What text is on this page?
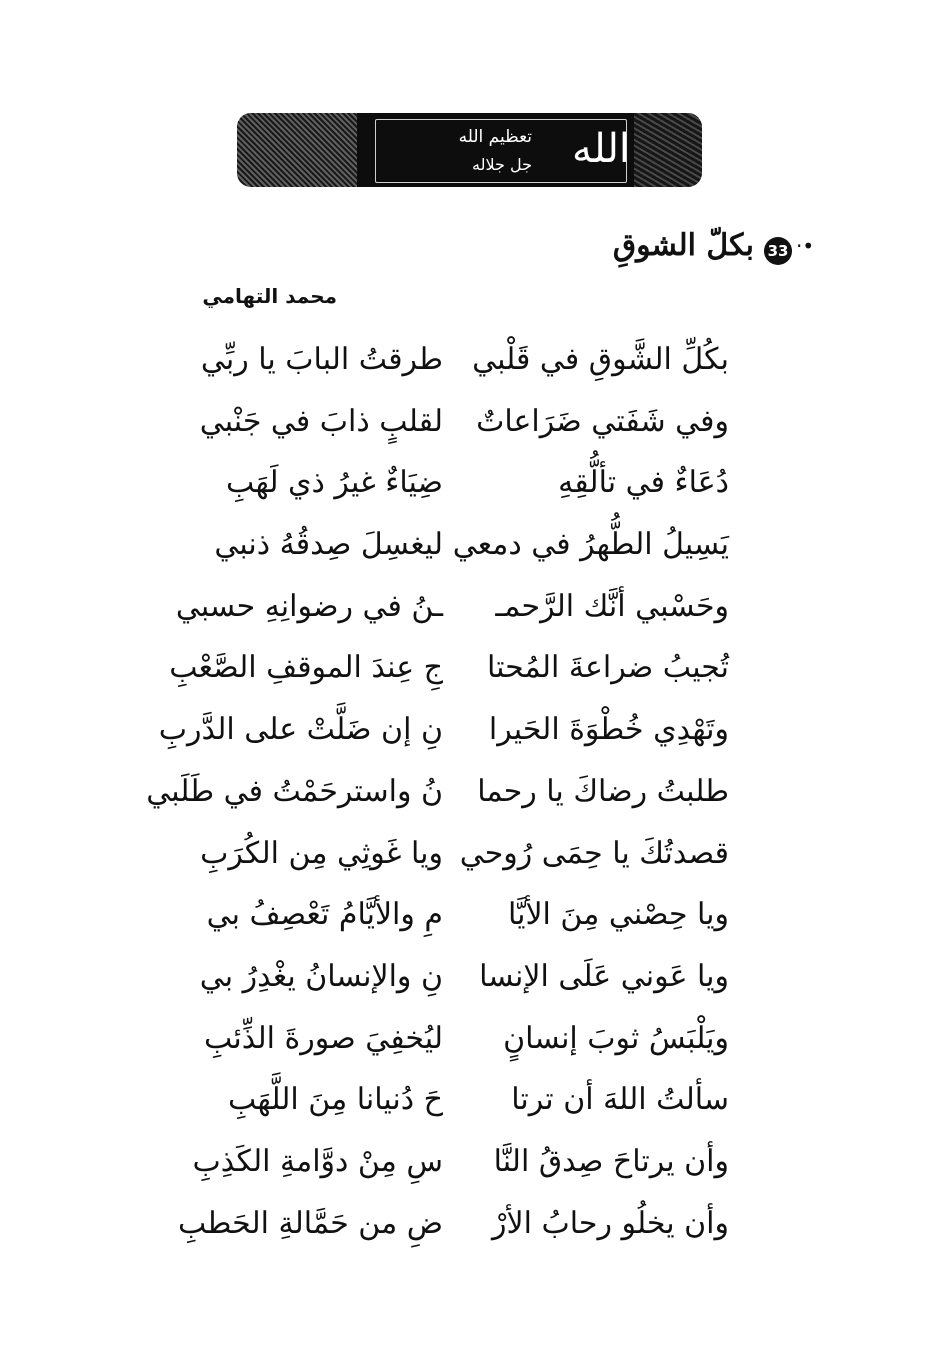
الله
تعظيم الله
جل جلاله
·•
33
بكلّ الشوقِ
محمد التهامي
بكُلِّ الشَّوقِ في قَلْبي
طرقتُ البابَ يا ربِّي
وفي شَفَتي ضَرَاعاتٌ
لقلبٍ ذابَ في جَنْبي
دُعَاءٌ في تألُّقِهِ
ضِيَاءٌ غيرُ ذي لَهَبِ
يَسِيلُ الطُّهرُ في دمعي
ليغسِلَ صِدقُهُ ذنبي
وحَسْبي أنَّك الرَّحمـ
ـنُ في رضوانِهِ حسبي
تُجيبُ ضراعةَ المُحتا
جِ عِندَ الموقفِ الصَّعْبِ
وتَهْدِي خُطْوَةَ الحَيرا
نِ إن ضَلَّتْ على الدَّربِ
طلبتُ رضاكَ يا رحما
نُ واسترحَمْتُ في طَلَبي
قصدتُكَ يا حِمَى رُوحي
ويا غَوثِي مِن الكُرَبِ
ويا حِصْني مِنَ الأيَّا
مِ والأيَّامُ تَعْصِفُ بي
ويا عَوني عَلَى الإنسا
نِ والإنسانُ يغْدِرُ بي
ويَلْبَسُ ثوبَ إنسانٍ
ليُخفِيَ صورةَ الذِّئبِ
سألتُ اللهَ أن ترتا
حَ دُنيانا مِنَ اللَّهَبِ
وأن يرتاحَ صِدقُ النَّا
سِ مِنْ دوَّامةِ الكَذِبِ
وأن يخلُو رحابُ الأرْ
ضِ من حَمَّالةِ الحَطبِ
